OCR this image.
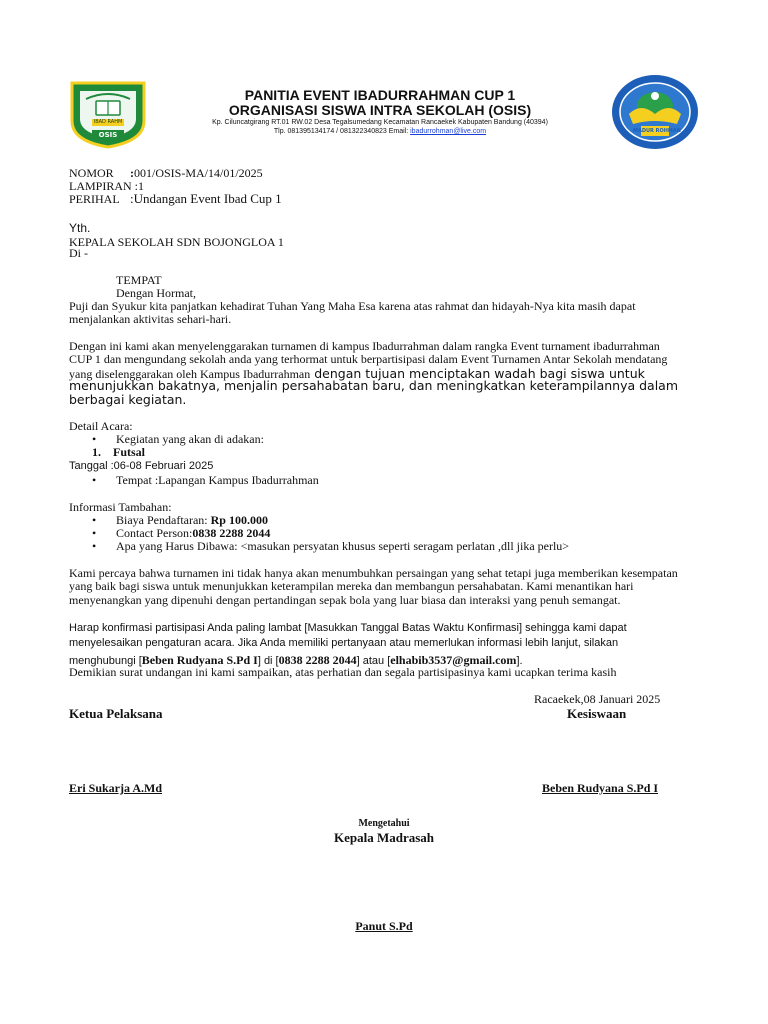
MADRASAH TSANAWIYAH
IBAD RAHM
OSIS	MADUR ROHMAN
PANITIA EVENT IBADURRAHMAN CUP 1
ORGANISASI SISWA INTRA SEKOLAH (OSIS)
Kp. Ciluncatgirang RT.01 RW.02 Desa Tegalsumedang Kecamatan Rancaekek Kabupaten Bandung (40394)
Tlp. 081395134174 / 081322340823 Email: ibadurrohman@live.com
NOMOR : 001/OSIS-MA/14/01/2025
LAMPIRAN :1
PERIHAL :Undangan Event Ibad Cup 1
Yth.
KEPALA SEKOLAH SDN BOJONGLOA 1
Di -
TEMPAT
Dengan Hormat,
Puji dan Syukur kita panjatkan kehadirat Tuhan Yang Maha Esa karena atas rahmat dan hidayah-Nya kita masih dapat
menjalankan aktivitas sehari-hari.
Dengan ini kami akan menyelenggarakan turnamen di kampus Ibadurrahman dalam rangka Event turnament ibadurrahman
CUP 1 dan mengundang sekolah anda yang terhormat untuk berpartisipasi dalam Event Turnamen Antar Sekolah mendatang
yang diselenggarakan oleh Kampus Ibadurrahman dengan tujuan menciptakan wadah bagi siswa untuk
menunjukkan bakatnya, menjalin persahabatan baru, dan meningkatkan keterampilannya dalam
berbagai kegiatan.
Detail Acara:
• Kegiatan yang akan di adakan:
1. Futsal
Tanggal :06-08 Februari 2025
• Tempat :Lapangan Kampus Ibadurrahman
Informasi Tambahan:
• Biaya Pendaftaran: Rp 100.000
• Contact Person:0838 2288 2044
• Apa yang Harus Dibawa: <masukan persyatan khusus seperti seragam perlatan ,dll jika perlu>
Kami percaya bahwa turnamen ini tidak hanya akan menumbuhkan persaingan yang sehat tetapi juga memberikan kesempatan
yang baik bagi siswa untuk menunjukkan keterampilan mereka dan membangun persahabatan. Kami menantikan hari
menyenangkan yang dipenuhi dengan pertandingan sepak bola yang luar biasa dan interaksi yang penuh semangat.
Harap konfirmasi partisipasi Anda paling lambat [Masukkan Tanggal Batas Waktu Konfirmasi] sehingga kami dapat
menyelesaikan pengaturan acara. Jika Anda memiliki pertanyaan atau memerlukan informasi lebih lanjut, silakan
menghubungi [Beben Rudyana S.Pd I] di [0838 2288 2044] atau [elhabib3537@gmail.com].
Demikian surat undangan ini kami sampaikan, atas perhatian dan segala partisipasinya kami ucapkan terima kasih
Racaekek,08 Januari 2025
Ketua Pelaksana	Kesiswaan
Eri Sukarja A.Md	Beben Rudyana S.Pd I
Mengetahui
Kepala Madrasah
Panut S.Pd
